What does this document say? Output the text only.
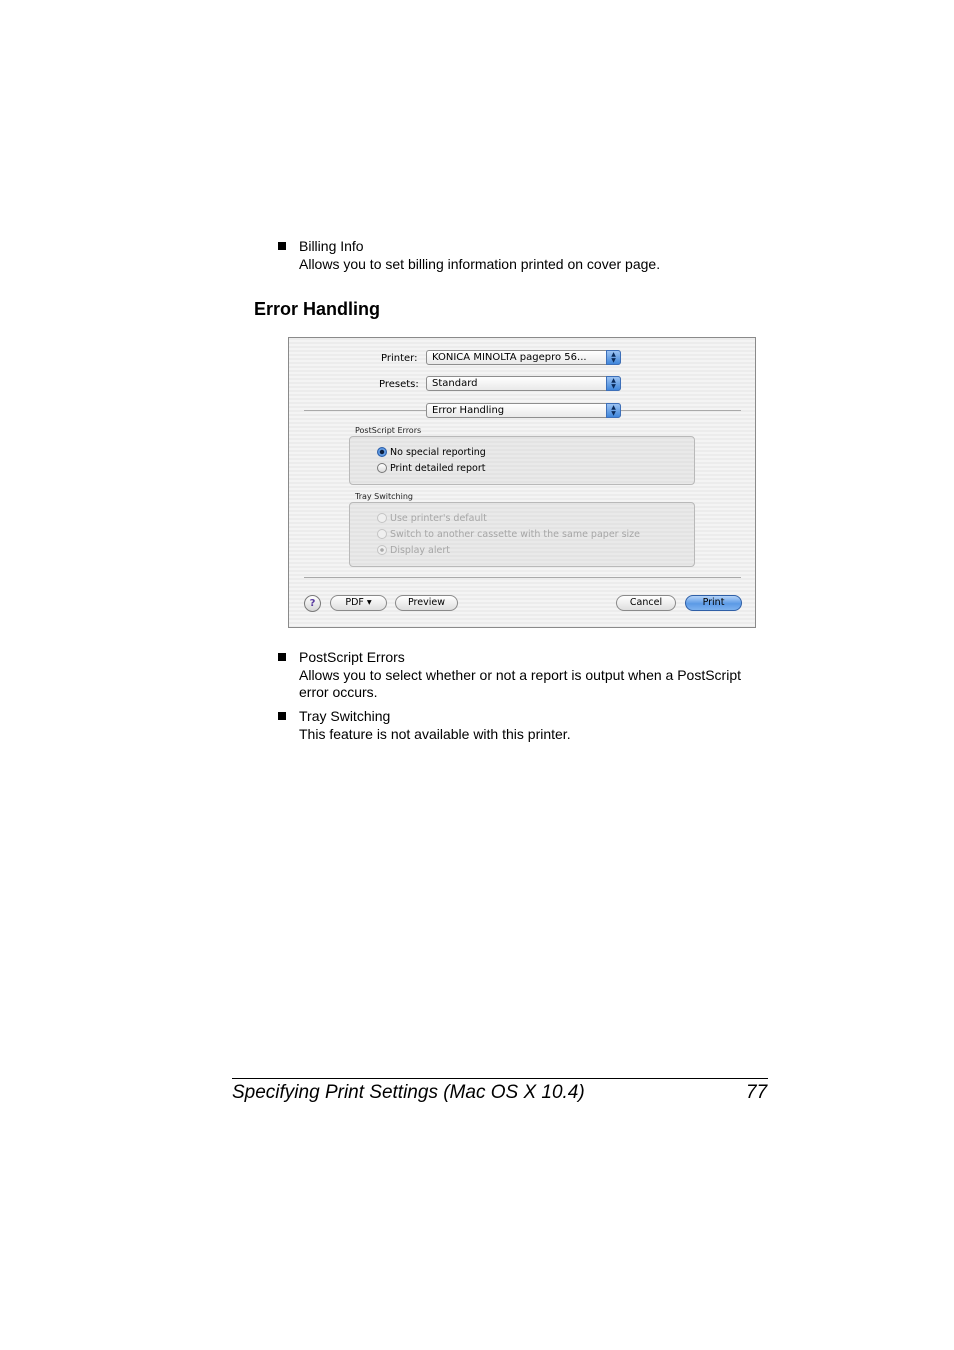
Billing Info
Allows you to set billing information printed on cover page.
Error Handling
Printer:	KONICA MINOLTA pagepro 56...	▲
▼
Presets:	Standard	▲
▼
Error Handling	▲
▼
PostScript Errors
No special reporting
Print detailed report
Tray Switching
Use printer's default
Switch to another cassette with the same paper size
Display alert
?	PDF ▾	Preview	Cancel	Print
PostScript Errors
Allows you to select whether or not a report is output when a PostScript
error occurs.
Tray Switching
This feature is not available with this printer.
Specifying Print Settings (Mac OS X 10.4)	77
